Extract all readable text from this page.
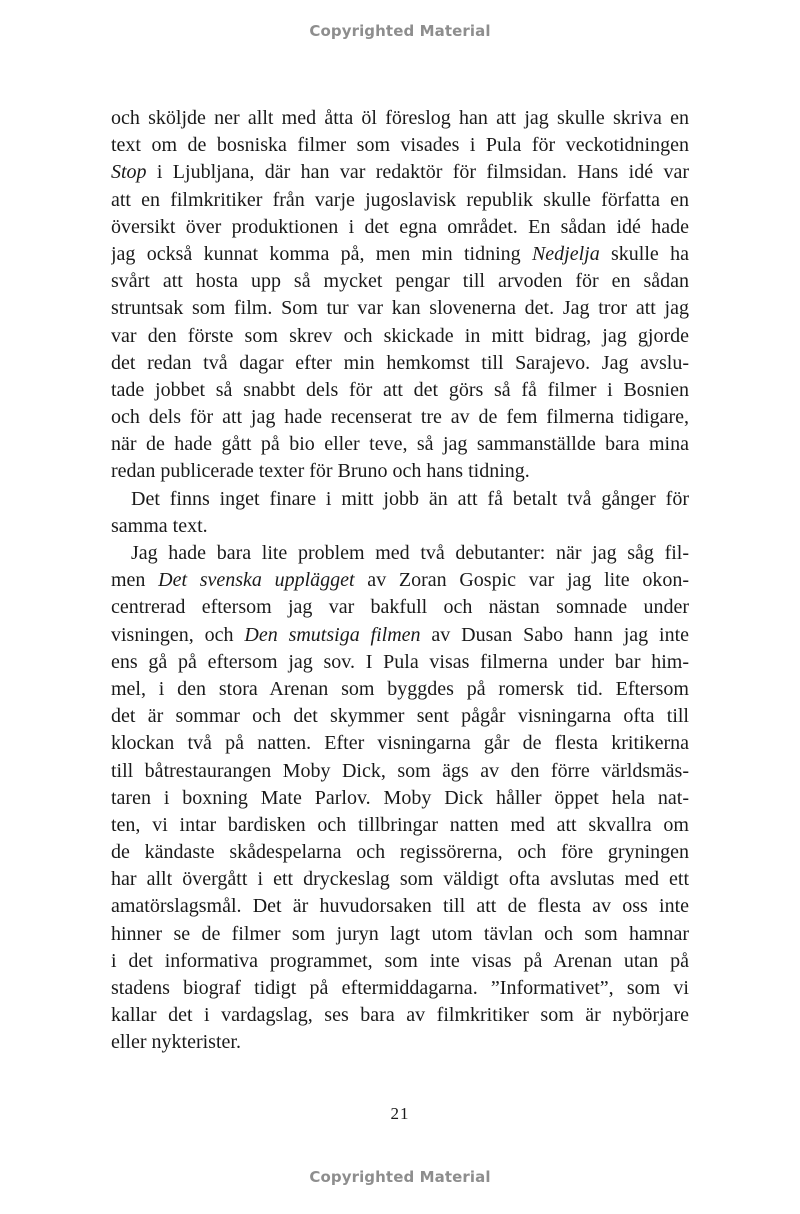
Copyrighted Material

och sköljde ner allt med åtta öl föreslog han att jag skulle skriva en
text om de bosniska filmer som visades i Pula för veckotidningen
Stop i Ljubljana, där han var redaktör för filmsidan. Hans idé var
att en filmkritiker från varje jugoslavisk republik skulle författa en
översikt över produktionen i det egna området. En sådan idé hade
jag också kunnat komma på, men min tidning Nedjelja skulle ha
svårt att hosta upp så mycket pengar till arvoden för en sådan
struntsak som film. Som tur var kan slovenerna det. Jag tror att jag
var den förste som skrev och skickade in mitt bidrag, jag gjorde
det redan två dagar efter min hemkomst till Sarajevo. Jag avslu-
tade jobbet så snabbt dels för att det görs så få filmer i Bosnien
och dels för att jag hade recenserat tre av de fem filmerna tidigare,
när de hade gått på bio eller teve, så jag sammanställde bara mina
redan publicerade texter för Bruno och hans tidning.

Det finns inget finare i mitt jobb än att få betalt två gånger för
samma text.

Jag hade bara lite problem med två debutanter: när jag såg fil-
men Det svenska upplägget av Zoran Gospic var jag lite okon-
centrerad eftersom jag var bakfull och nästan somnade under
visningen, och Den smutsiga filmen av Dusan Sabo hann jag inte
ens gå på eftersom jag sov. I Pula visas filmerna under bar him-
mel, i den stora Arenan som byggdes på romersk tid. Eftersom
det är sommar och det skymmer sent pågår visningarna ofta till
klockan två på natten. Efter visningarna går de flesta kritikerna
till båtrestaurangen Moby Dick, som ägs av den förre världsmäs-
taren i boxning Mate Parlov. Moby Dick håller öppet hela nat-
ten, vi intar bardisken och tillbringar natten med att skvallra om
de kändaste skådespelarna och regissörerna, och före gryningen
har allt övergått i ett dryckeslag som väldigt ofta avslutas med ett
amatörslagsmål. Det är huvudorsaken till att de flesta av oss inte
hinner se de filmer som juryn lagt utom tävlan och som hamnar
i det informativa programmet, som inte visas på Arenan utan på
stadens biograf tidigt på eftermiddagarna. ”Informativet”, som vi
kallar det i vardagslag, ses bara av filmkritiker som är nybörjare
eller nykterister.

21
Copyrighted Material
